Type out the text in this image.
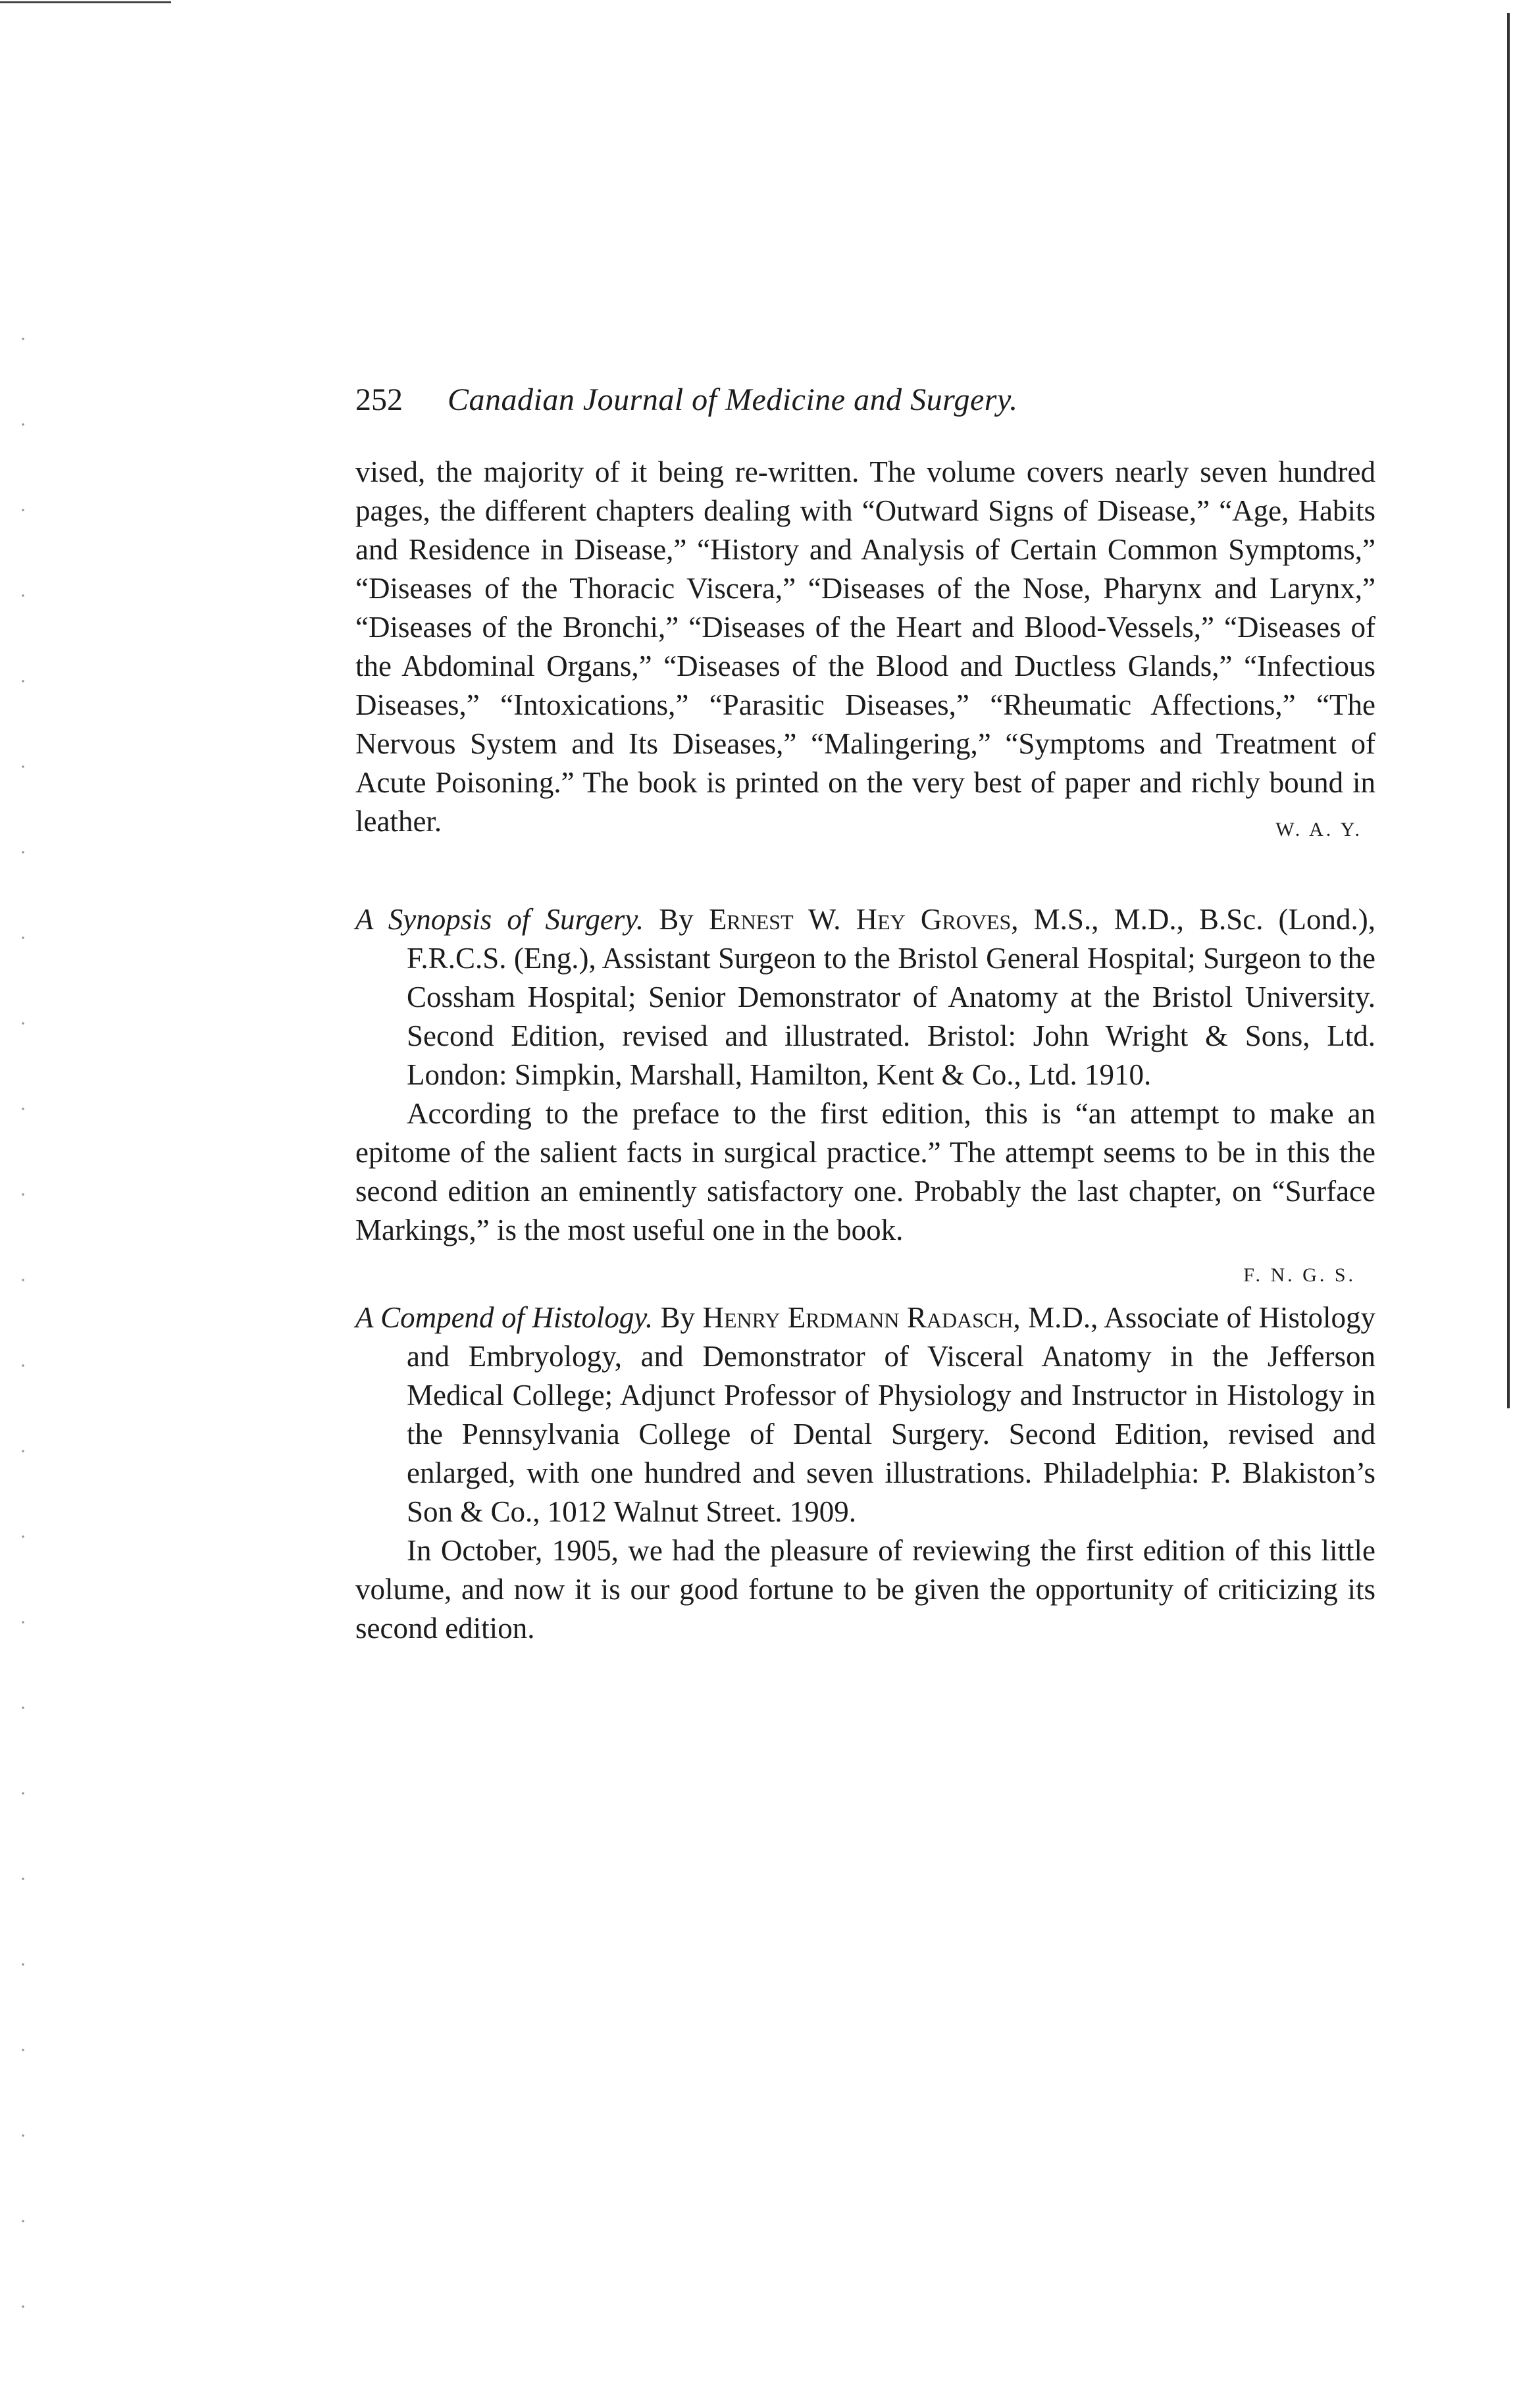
252	Canadian Journal of Medicine and Surgery.

vised, the majority of it being re-written. The volume covers nearly seven hundred pages, the different chapters dealing with “Outward Signs of Disease,” “Age, Habits and Residence in Disease,” “History and Analysis of Certain Common Symptoms,” “Diseases of the Thoracic Viscera,” “Diseases of the Nose, Pharynx and Larynx,” “Diseases of the Bronchi,” “Diseases of the Heart and Blood-Vessels,” “Diseases of the Abdominal Organs,” “Diseases of the Blood and Ductless Glands,” “Infectious Diseases,” “Intoxications,” “Parasitic Diseases,” “Rheumatic Affections,” “The Nervous System and Its Diseases,” “Malingering,” “Symptoms and Treatment of Acute Poisoning.” The book is printed on the very best of paper and richly bound in leather.	W. A. Y.

A Synopsis of Surgery. By Ernest W. Hey Groves, M.S., M.D., B.Sc. (Lond.), F.R.C.S. (Eng.), Assistant Surgeon to the Bristol General Hospital; Surgeon to the Cossham Hospital; Senior Demonstrator of Anatomy at the Bristol University. Second Edition, revised and illustrated. Bristol: John Wright & Sons, Ltd. London: Simpkin, Marshall, Hamilton, Kent & Co., Ltd. 1910.

According to the preface to the first edition, this is “an attempt to make an epitome of the salient facts in surgical practice.” The attempt seems to be in this the second edition an eminently satisfactory one. Probably the last chapter, on “Surface Markings,” is the most useful one in the book.

F. N. G. S.

A Compend of Histology. By Henry Erdmann Radasch, M.D., Associate of Histology and Embryology, and Demonstrator of Visceral Anatomy in the Jefferson Medical College; Adjunct Professor of Physiology and Instructor in Histology in the Pennsylvania College of Dental Surgery. Second Edition, revised and enlarged, with one hundred and seven illustrations. Philadelphia: P. Blakiston’s Son & Co., 1012 Walnut Street. 1909.

In October, 1905, we had the pleasure of reviewing the first edition of this little volume, and now it is our good fortune to be given the opportunity of criticizing its second edition.
